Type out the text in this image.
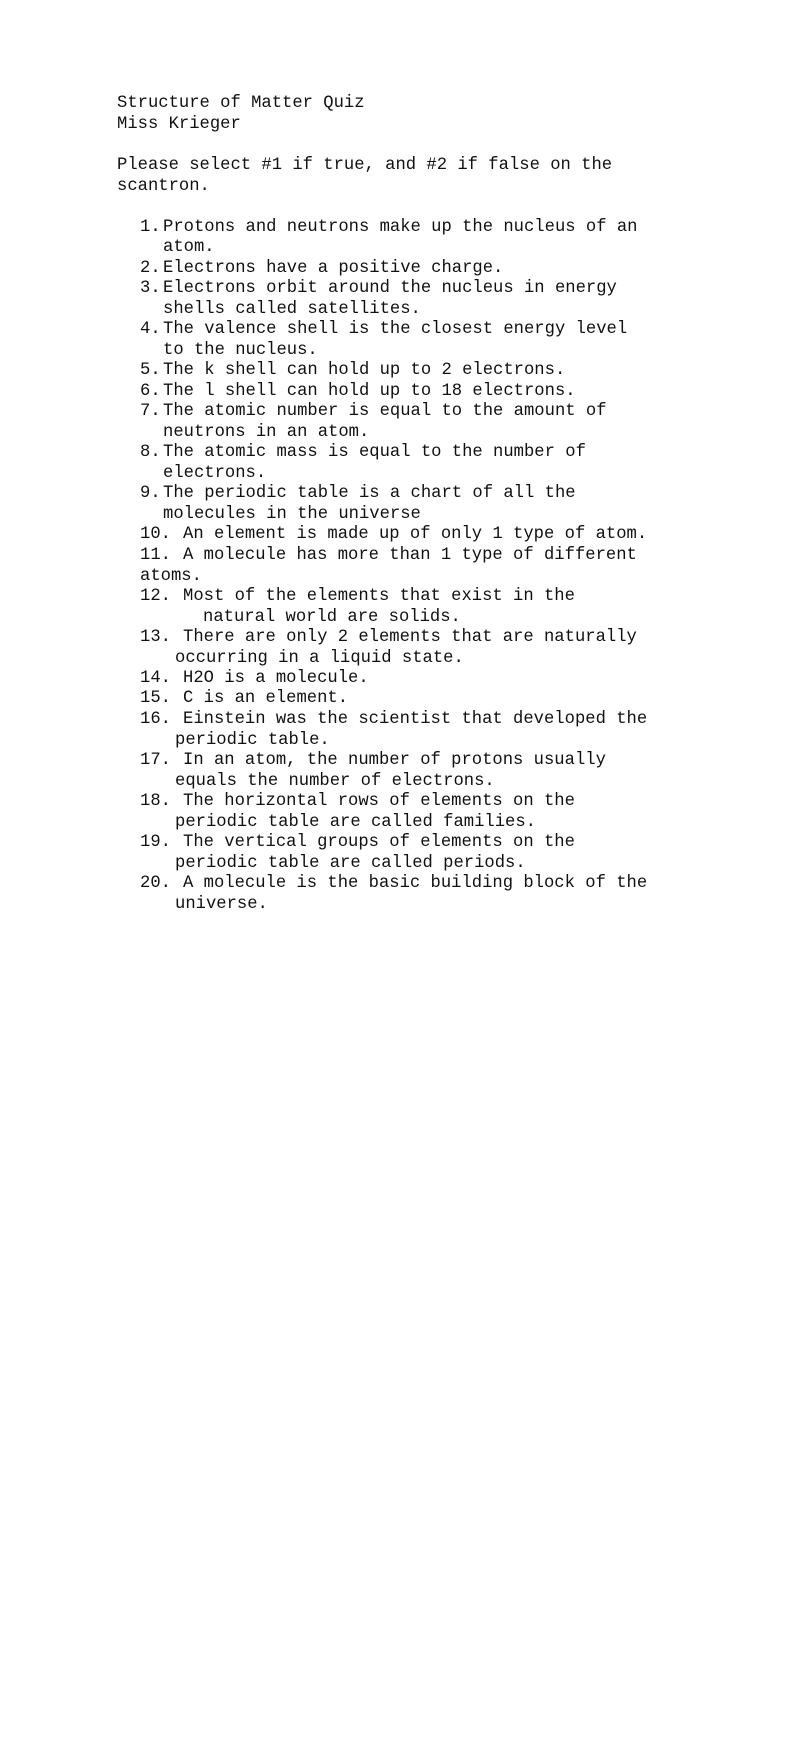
Structure of Matter Quiz

Miss Krieger

Please select #1 if true, and #2 if false on the

scantron.

1.

Protons and neutrons make up the nucleus of an

atom.

2.

Electrons have a positive charge.

3.

Electrons orbit around the nucleus in energy

shells called satellites.

4.

The valence shell is the closest energy level

to the nucleus.

5.

The k shell can hold up to 2 electrons.

6.

The l shell can hold up to 18 electrons.

7.

The atomic number is equal to the amount of

neutrons in an atom.

8.

The atomic mass is equal to the number of

electrons.

9.

The periodic table is a chart of all the

molecules in the universe

10.

An element is made up of only 1 type of atom.

11.

A molecule has more than 1 type of different

atoms.

12.

Most of the elements that exist in the

natural world are solids.

13.

There are only 2 elements that are naturally

occurring in a liquid state.

14.

H2O is a molecule.

15.

C is an element.

16.

Einstein was the scientist that developed the

periodic table.

17.

In an atom, the number of protons usually

equals the number of electrons.

18.

The horizontal rows of elements on the

periodic table are called families.

19.

The vertical groups of elements on the

periodic table are called periods.

20.

A molecule is the basic building block of the

universe.
